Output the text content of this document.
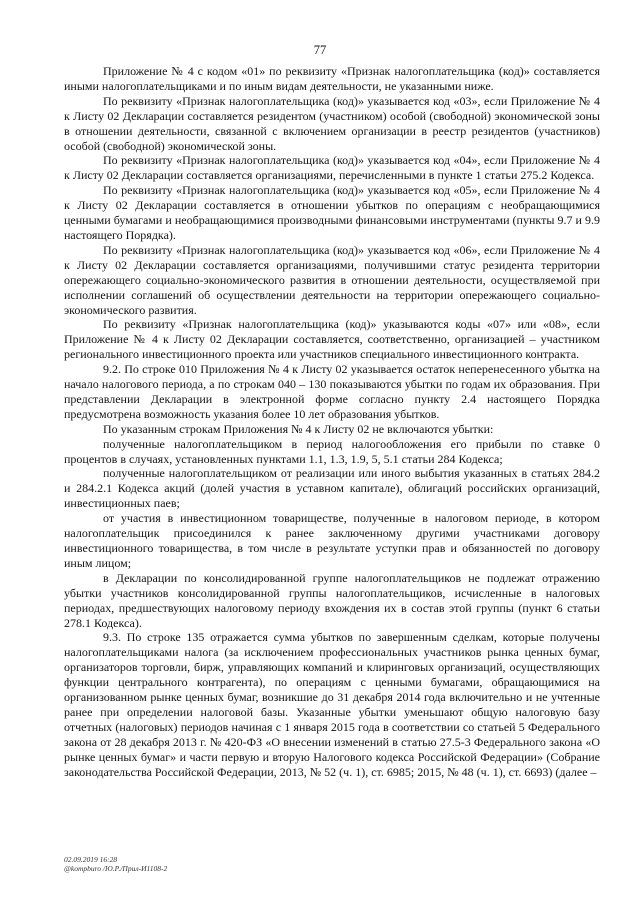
77

Приложение № 4 с кодом «01» по реквизиту «Признак налогоплательщика (код)» составляется иными налогоплательщиками и по иным видам деятельности, не указанными ниже.

По реквизиту «Признак налогоплательщика (код)» указывается код «03», если Приложение № 4 к Листу 02 Декларации составляется резидентом (участником) особой (свободной) экономической зоны в отношении деятельности, связанной с включением организации в реестр резидентов (участников) особой (свободной) экономической зоны.

По реквизиту «Признак налогоплательщика (код)» указывается код «04», если Приложение № 4 к Листу 02 Декларации составляется организациями, перечисленными в пункте 1 статьи 275.2 Кодекса.

По реквизиту «Признак налогоплательщика (код)» указывается код «05», если Приложение № 4 к Листу 02 Декларации составляется в отношении убытков по операциям с необращающимися ценными бумагами и необращающимися производными финансовыми инструментами (пункты 9.7 и 9.9 настоящего Порядка).

По реквизиту «Признак налогоплательщика (код)» указывается код «06», если Приложение № 4 к Листу 02 Декларации составляется организациями, получившими статус резидента территории опережающего социально-экономического развития в отношении деятельности, осуществляемой при исполнении соглашений об осуществлении деятельности на территории опережающего социально-экономического развития.

По реквизиту «Признак налогоплательщика (код)» указываются коды «07» или «08», если Приложение № 4 к Листу 02 Декларации составляется, соответственно, организацией – участником регионального инвестиционного проекта или участников специального инвестиционного контракта.

9.2. По строке 010 Приложения № 4 к Листу 02 указывается остаток неперенесенного убытка на начало налогового периода, а по строкам 040 – 130 показываются убытки по годам их образования. При представлении Декларации в электронной форме согласно пункту 2.4 настоящего Порядка предусмотрена возможность указания более 10 лет образования убытков.

По указанным строкам Приложения № 4 к Листу 02 не включаются убытки:

полученные налогоплательщиком в период налогообложения его прибыли по ставке 0 процентов в случаях, установленных пунктами 1.1, 1.3, 1.9, 5, 5.1 статьи 284 Кодекса;

полученные налогоплательщиком от реализации или иного выбытия указанных в статьях 284.2 и 284.2.1 Кодекса акций (долей участия в уставном капитале), облигаций российских организаций, инвестиционных паев;

от участия в инвестиционном товариществе, полученные в налоговом периоде, в котором налогоплательщик присоединился к ранее заключенному другими участниками договору инвестиционного товарищества, в том числе в результате уступки прав и обязанностей по договору иным лицом;

в Декларации по консолидированной группе налогоплательщиков не подлежат отражению убытки участников консолидированной группы налогоплательщиков, исчисленные в налоговых периодах, предшествующих налоговому периоду вхождения их в состав этой группы (пункт 6 статьи 278.1 Кодекса).

9.3. По строке 135 отражается сумма убытков по завершенным сделкам, которые получены налогоплательщиками налога (за исключением профессиональных участников рынка ценных бумаг, организаторов торговли, бирж, управляющих компаний и клиринговых организаций, осуществляющих функции центрального контрагента), по операциям с ценными бумагами, обращающимися на организованном рынке ценных бумаг, возникшие до 31 декабря 2014 года включительно и не учтенные ранее при определении налоговой базы. Указанные убытки уменьшают общую налоговую базу отчетных (налоговых) периодов начиная с 1 января 2015 года в соответствии со статьей 5 Федерального закона от 28 декабря 2013 г. № 420-ФЗ «О внесении изменений в статью 27.5-3 Федерального закона «О рынке ценных бумаг» и части первую и вторую Налогового кодекса Российской Федерации» (Собрание законодательства Российской Федерации, 2013, № 52 (ч. 1), ст. 6985; 2015, № 48 (ч. 1), ст. 6693) (далее –

02.09.2019 16:28
@kompburo /Ю.Р./Прил-И1108-2
